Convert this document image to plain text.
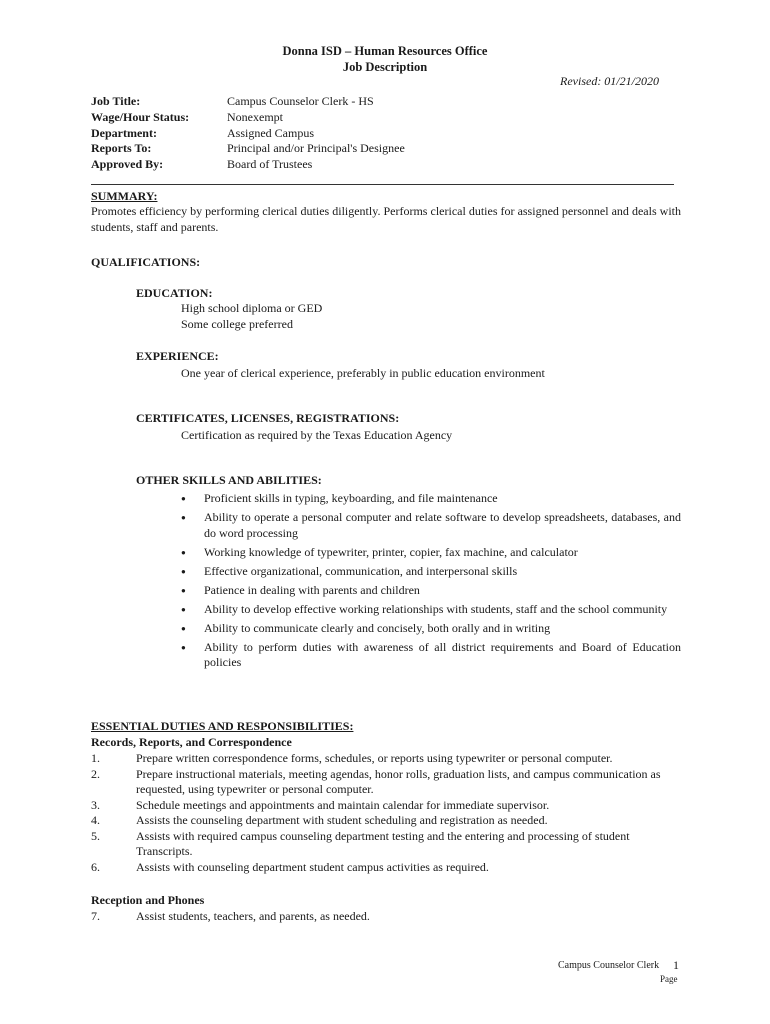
Donna ISD – Human Resources Office
Job Description
Revised: 01/21/2020
Job Title:	Campus Counselor Clerk - HS
Wage/Hour Status:	Nonexempt
Department:	Assigned Campus
Reports To:	Principal and/or Principal's Designee
Approved By:	Board of Trustees
SUMMARY:
Promotes efficiency by performing clerical duties diligently. Performs clerical duties for assigned personnel and deals with students, staff and parents.
QUALIFICATIONS:
EDUCATION:
High school diploma or GED
Some college preferred
EXPERIENCE:
One year of clerical experience, preferably in public education environment
CERTIFICATES, LICENSES, REGISTRATIONS:
Certification as required by the Texas Education Agency
OTHER SKILLS AND ABILITIES:
● Proficient skills in typing, keyboarding, and file maintenance
● Ability to operate a personal computer and relate software to develop spreadsheets, databases, and do word processing
● Working knowledge of typewriter, printer, copier, fax machine, and calculator
● Effective organizational, communication, and interpersonal skills
● Patience in dealing with parents and children
● Ability to develop effective working relationships with students, staff and the school community
● Ability to communicate clearly and concisely, both orally and in writing
● Ability to perform duties with awareness of all district requirements and Board of Education policies
ESSENTIAL DUTIES AND RESPONSIBILITIES:
Records, Reports, and Correspondence
1.	Prepare written correspondence forms, schedules, or reports using typewriter or personal computer.
2.	Prepare instructional materials, meeting agendas, honor rolls, graduation lists, and campus communication as requested, using typewriter or personal computer.
3.	Schedule meetings and appointments and maintain calendar for immediate supervisor.
4.	Assists the counseling department with student scheduling and registration as needed.
5.	Assists with required campus counseling department testing and the entering and processing of student Transcripts.
6.	Assists with counseling department student campus activities as required.
Reception and Phones
7.	Assist students, teachers, and parents, as needed.
Campus Counselor Clerk 1
Page
